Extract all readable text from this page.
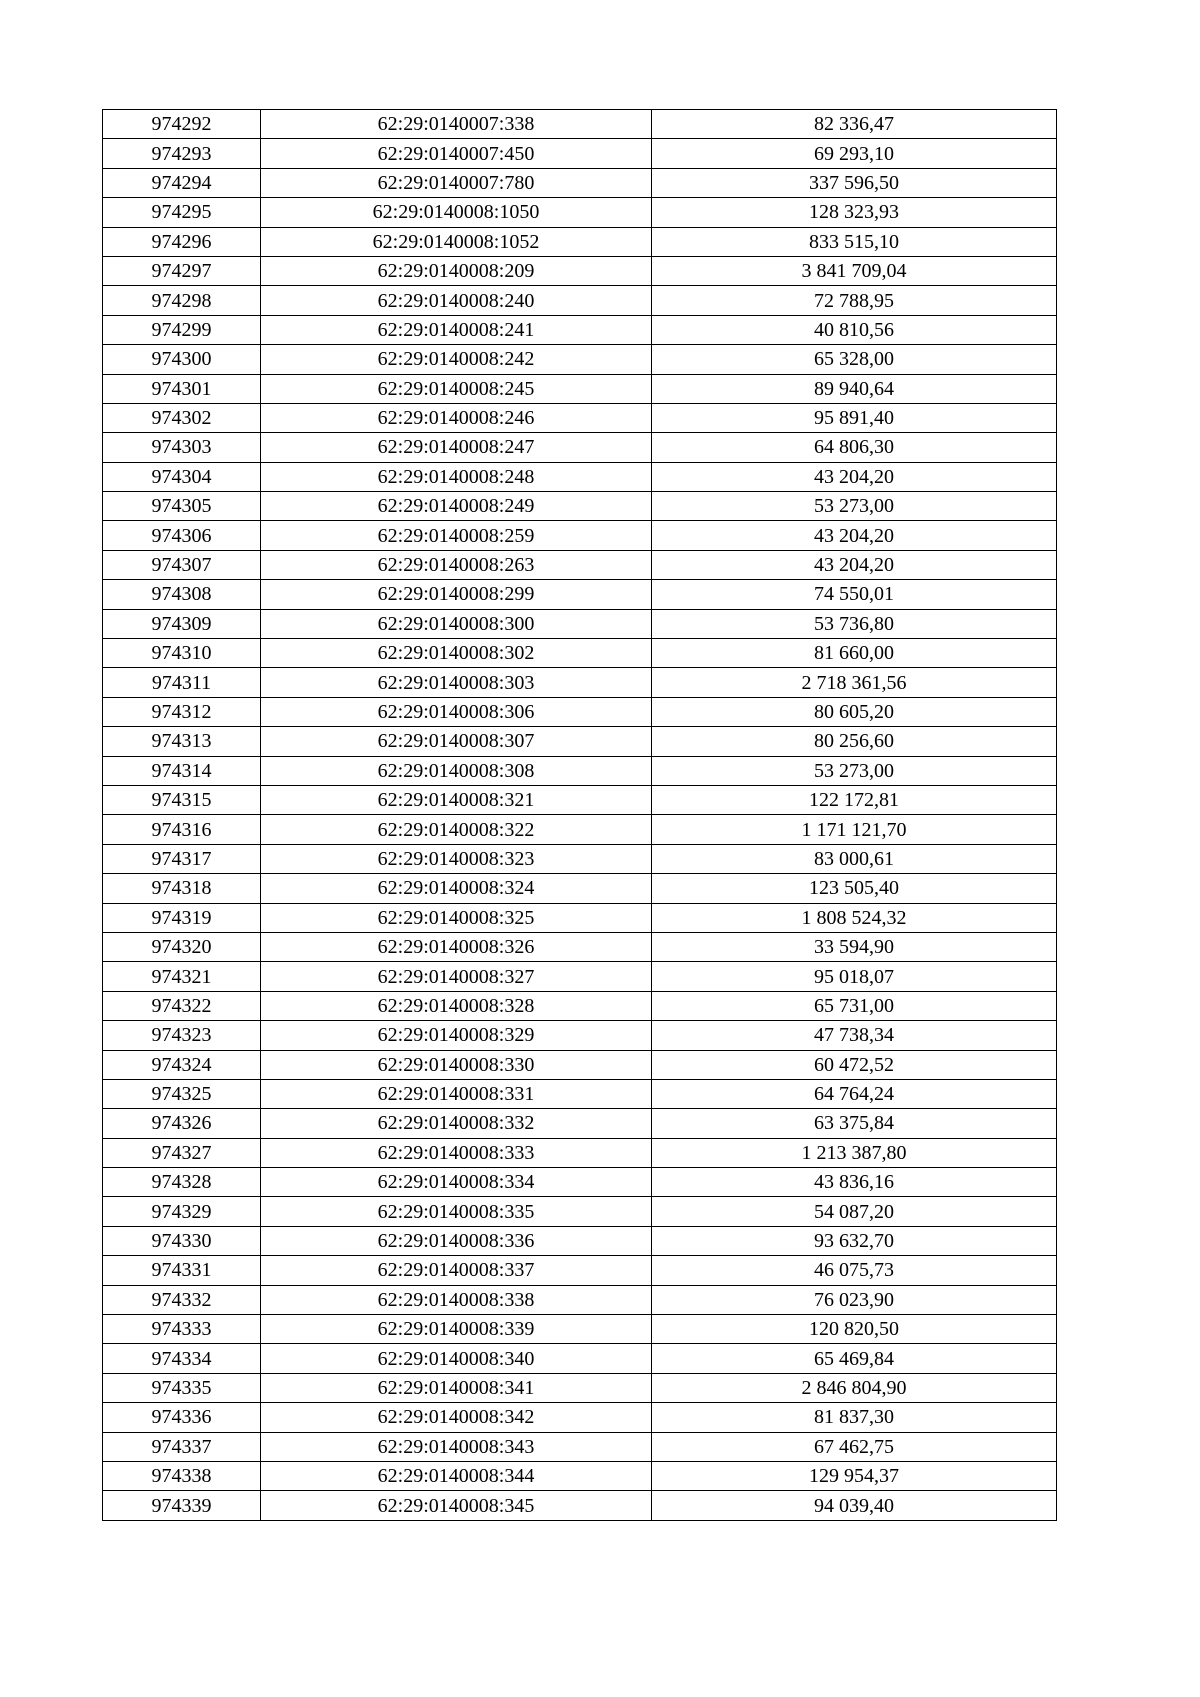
974292	62:29:0140007:338	82 336,47
974293	62:29:0140007:450	69 293,10
974294	62:29:0140007:780	337 596,50
974295	62:29:0140008:1050	128 323,93
974296	62:29:0140008:1052	833 515,10
974297	62:29:0140008:209	3 841 709,04
974298	62:29:0140008:240	72 788,95
974299	62:29:0140008:241	40 810,56
974300	62:29:0140008:242	65 328,00
974301	62:29:0140008:245	89 940,64
974302	62:29:0140008:246	95 891,40
974303	62:29:0140008:247	64 806,30
974304	62:29:0140008:248	43 204,20
974305	62:29:0140008:249	53 273,00
974306	62:29:0140008:259	43 204,20
974307	62:29:0140008:263	43 204,20
974308	62:29:0140008:299	74 550,01
974309	62:29:0140008:300	53 736,80
974310	62:29:0140008:302	81 660,00
974311	62:29:0140008:303	2 718 361,56
974312	62:29:0140008:306	80 605,20
974313	62:29:0140008:307	80 256,60
974314	62:29:0140008:308	53 273,00
974315	62:29:0140008:321	122 172,81
974316	62:29:0140008:322	1 171 121,70
974317	62:29:0140008:323	83 000,61
974318	62:29:0140008:324	123 505,40
974319	62:29:0140008:325	1 808 524,32
974320	62:29:0140008:326	33 594,90
974321	62:29:0140008:327	95 018,07
974322	62:29:0140008:328	65 731,00
974323	62:29:0140008:329	47 738,34
974324	62:29:0140008:330	60 472,52
974325	62:29:0140008:331	64 764,24
974326	62:29:0140008:332	63 375,84
974327	62:29:0140008:333	1 213 387,80
974328	62:29:0140008:334	43 836,16
974329	62:29:0140008:335	54 087,20
974330	62:29:0140008:336	93 632,70
974331	62:29:0140008:337	46 075,73
974332	62:29:0140008:338	76 023,90
974333	62:29:0140008:339	120 820,50
974334	62:29:0140008:340	65 469,84
974335	62:29:0140008:341	2 846 804,90
974336	62:29:0140008:342	81 837,30
974337	62:29:0140008:343	67 462,75
974338	62:29:0140008:344	129 954,37
974339	62:29:0140008:345	94 039,40
